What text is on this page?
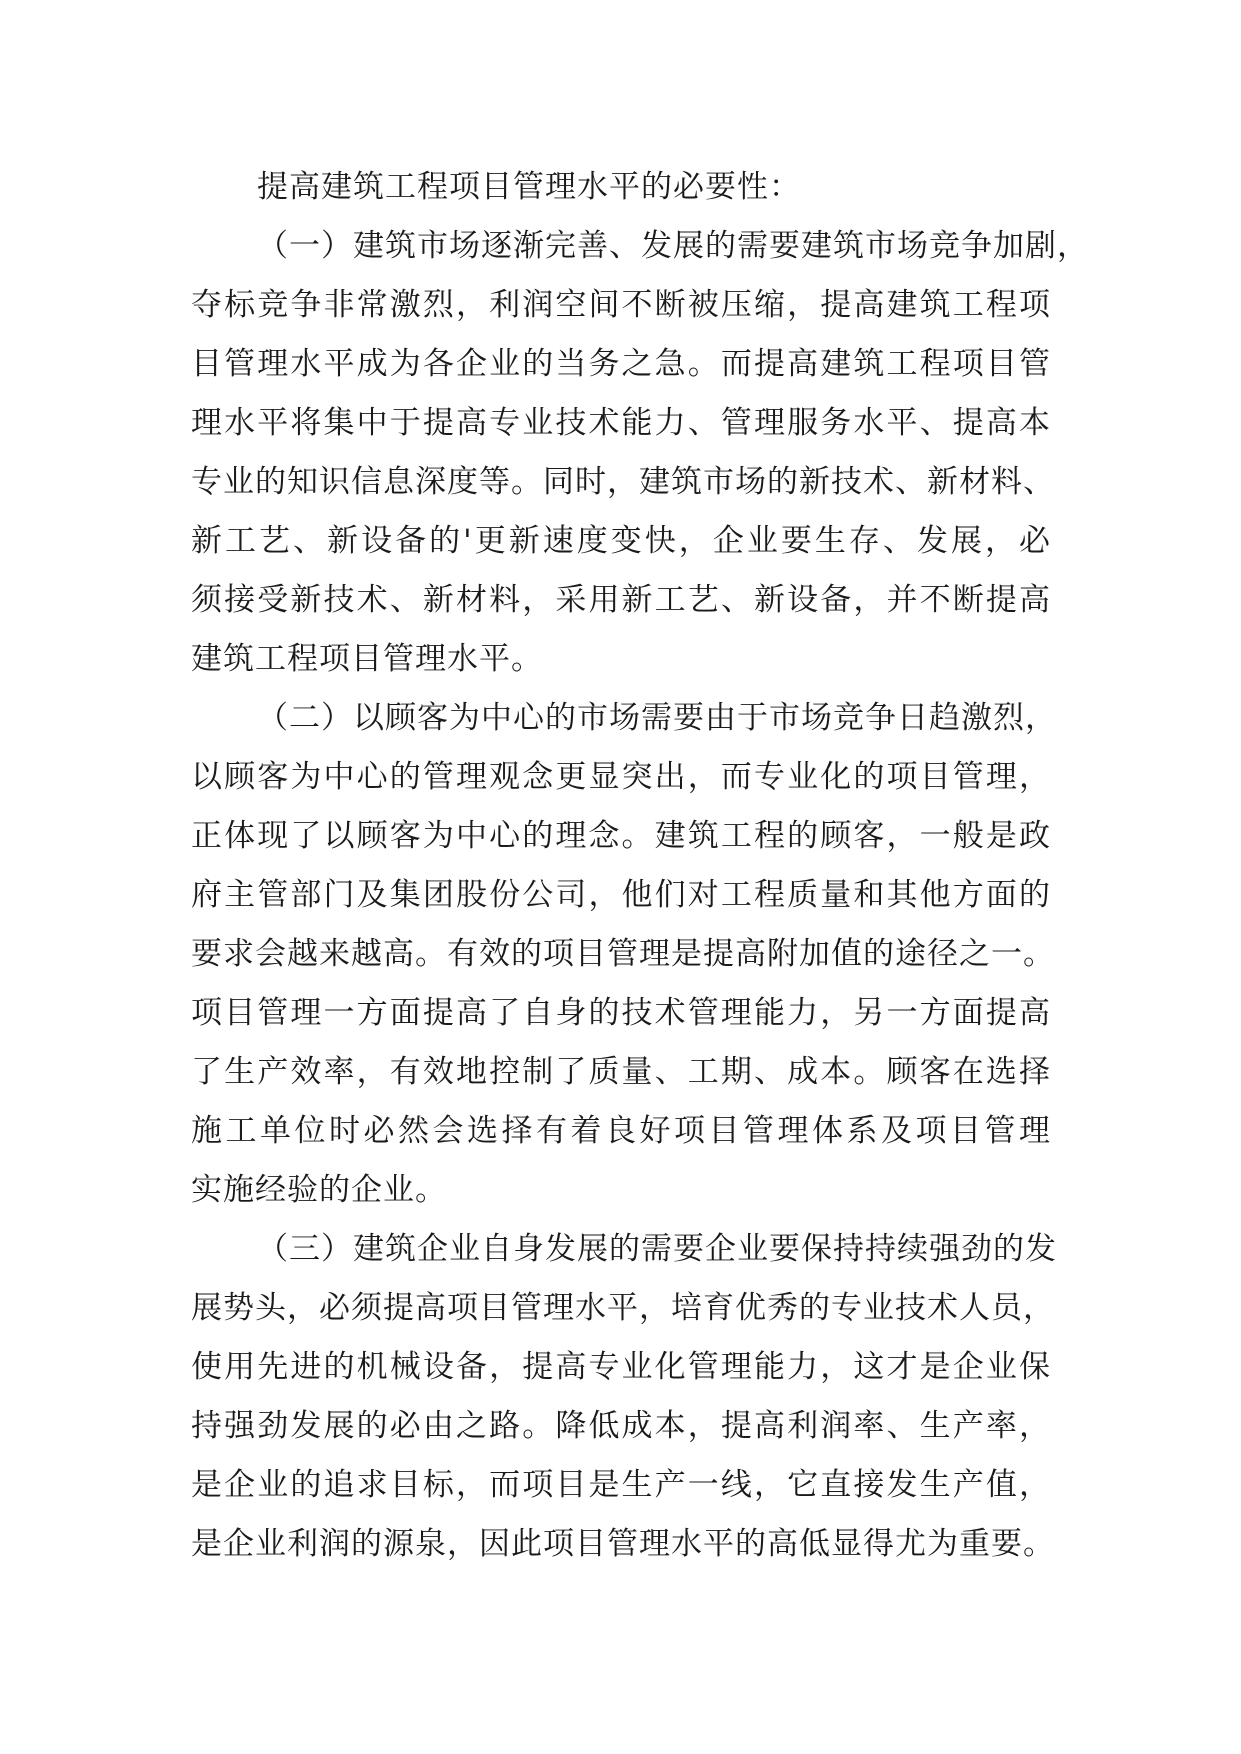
提高建筑工程项目管理水平的必要性：
（一）建筑市场逐渐完善、发展的需要建筑市场竞争加剧，
夺标竞争非常激烈，利润空间不断被压缩，提高建筑工程项
目管理水平成为各企业的当务之急。而提高建筑工程项目管
理水平将集中于提高专业技术能力、管理服务水平、提高本
专业的知识信息深度等。同时，建筑市场的新技术、新材料、
新工艺、新设备的'更新速度变快，企业要生存、发展，必
须接受新技术、新材料，采用新工艺、新设备，并不断提高
建筑工程项目管理水平。
（二）以顾客为中心的市场需要由于市场竞争日趋激烈，
以顾客为中心的管理观念更显突出，而专业化的项目管理，
正体现了以顾客为中心的理念。建筑工程的顾客，一般是政
府主管部门及集团股份公司，他们对工程质量和其他方面的
要求会越来越高。有效的项目管理是提高附加值的途径之一。
项目管理一方面提高了自身的技术管理能力，另一方面提高
了生产效率，有效地控制了质量、工期、成本。顾客在选择
施工单位时必然会选择有着良好项目管理体系及项目管理
实施经验的企业。
（三）建筑企业自身发展的需要企业要保持持续强劲的发
展势头，必须提高项目管理水平，培育优秀的专业技术人员，
使用先进的机械设备，提高专业化管理能力，这才是企业保
持强劲发展的必由之路。降低成本，提高利润率、生产率，
是企业的追求目标，而项目是生产一线，它直接发生产值，
是企业利润的源泉，因此项目管理水平的高低显得尤为重要。
